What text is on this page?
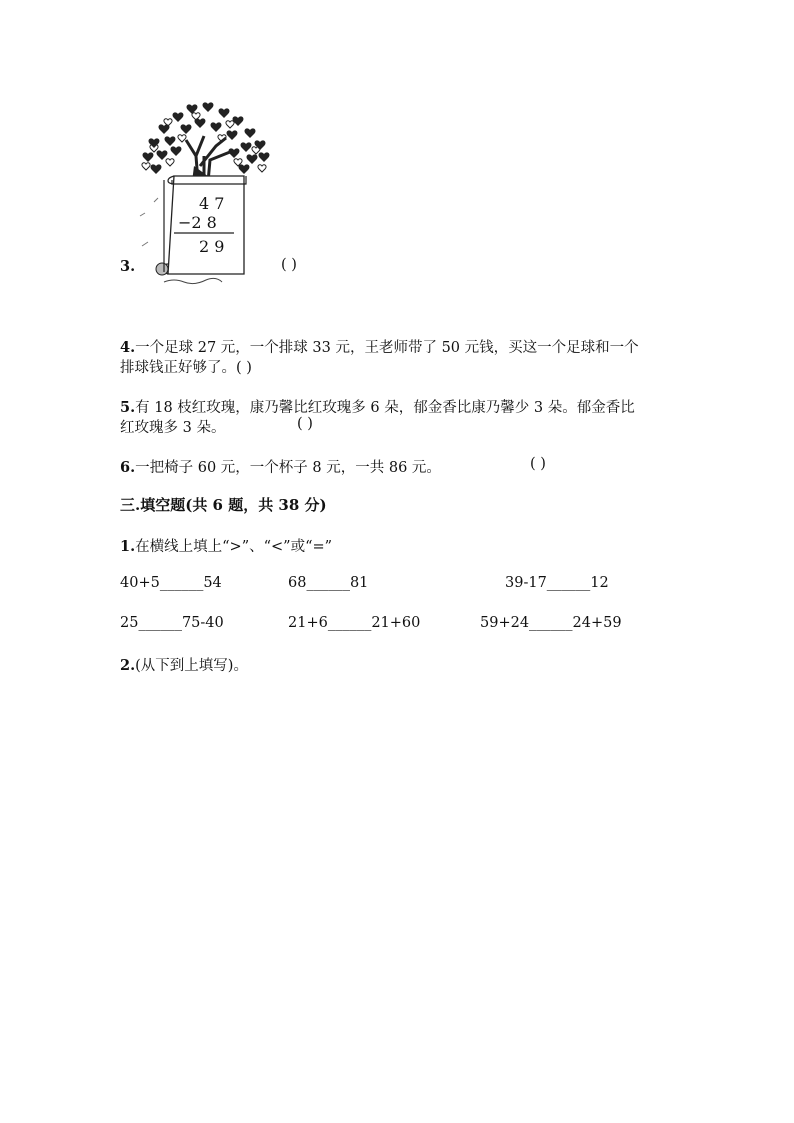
3.
4 7
−2 8
2 9
( )
4.一个足球 27 元，一个排球 33 元，王老师带了 50 元钱，买这一个足球和一个
排球钱正好够了。( )
5.有 18 枝红玫瑰，康乃馨比红玫瑰多 6 朵，郁金香比康乃馨少 3 朵。郁金香比
红玫瑰多 3 朵。	( )
6.一把椅子 60 元，一个杯子 8 元，一共 86 元。	( )
三.填空题(共 6 题，共 38 分)
1.在横线上填上“>”、“<”或“=”
40+5______54	68______81	39-17______12
25______75-40	21+6______21+60	59+24______24+59
2.(从下到上填写)。
